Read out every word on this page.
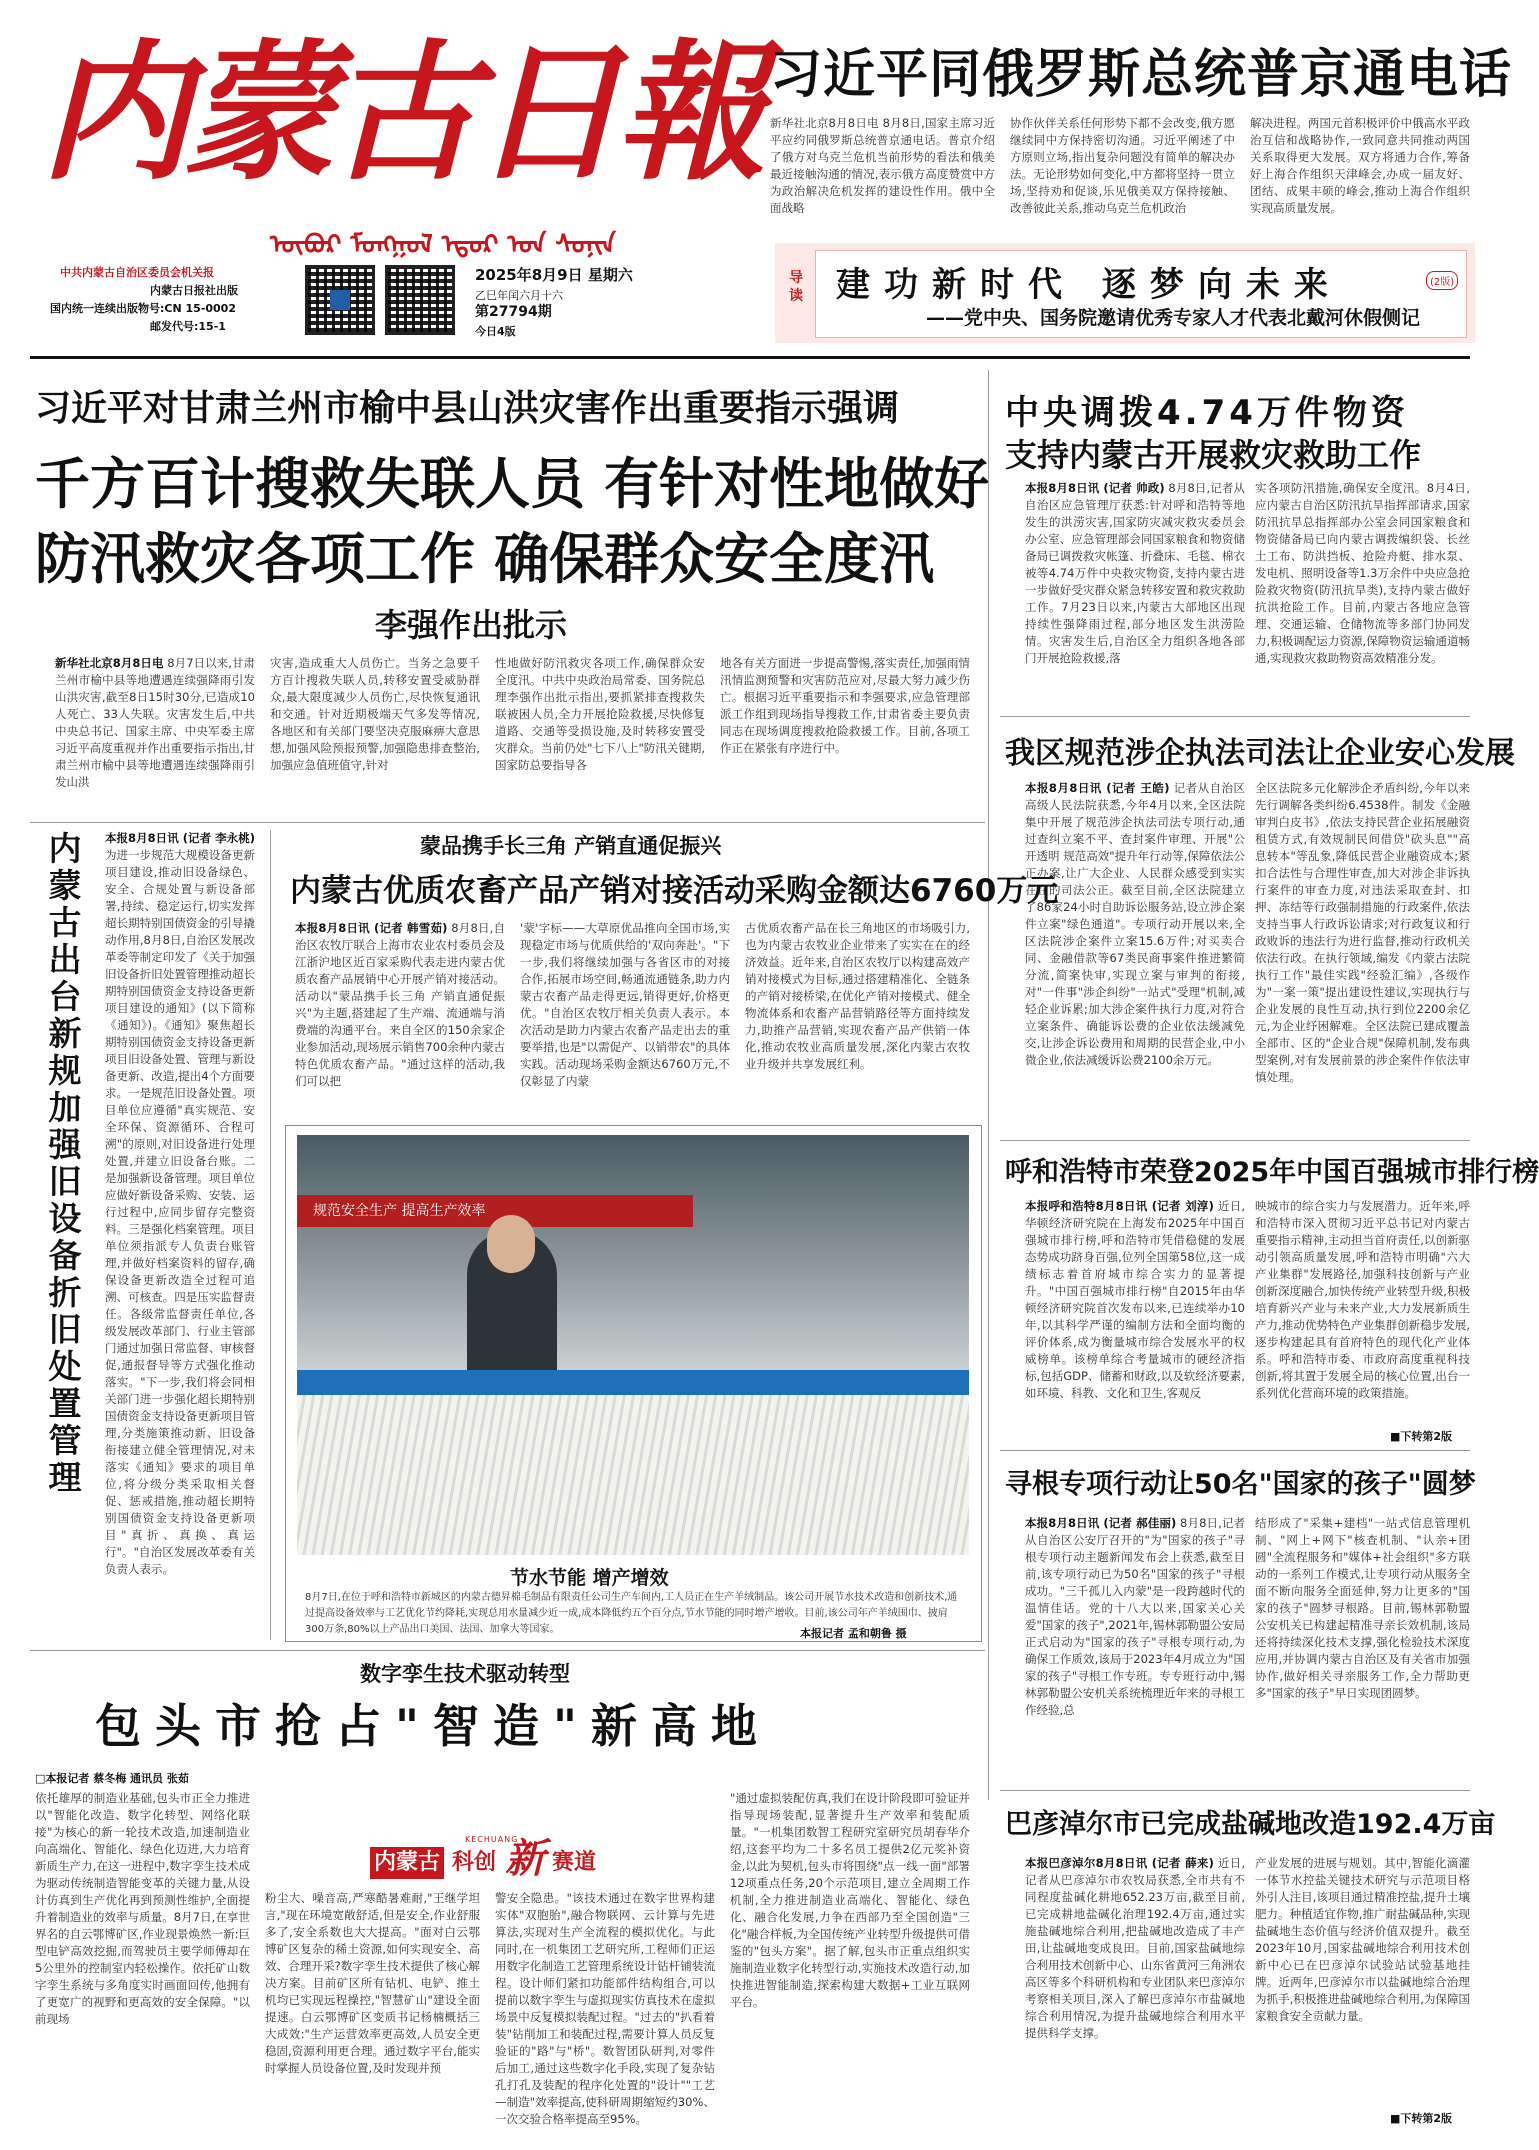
内蒙古日報
ᠥᠪᠦᠷ ᠮᠣᠩᠭᠣᠯ ᠡᠳᠦᠷ ᠤᠨ ᠰᠣᠨᠢᠨ
中共内蒙古自治区委员会机关报
内蒙古日报社出版
国内统一连续出版物号:CN 15-0002
邮发代号:15-1
2025年8月9日 星期六
乙巳年闰六月十六
第27794期
今日4版
习近平同俄罗斯总统普京通电话
新华社北京8月8日电 8月8日,国家主席习近平应约同俄罗斯总统普京通电话。普京介绍了俄方对乌克兰危机当前形势的看法和俄美最近接触沟通的情况,表示俄方高度赞赏中方为政治解决危机发挥的建设性作用。俄中全面战略
协作伙伴关系任何形势下都不会改变,俄方愿继续同中方保持密切沟通。习近平阐述了中方原则立场,指出复杂问题没有简单的解决办法。无论形势如何变化,中方都将坚持一贯立场,坚持劝和促谈,乐见俄美双方保持接触、改善彼此关系,推动乌克兰危机政治
解决进程。两国元首积极评价中俄高水平政治互信和战略协作,一致同意共同推动两国关系取得更大发展。双方将通力合作,筹备好上海合作组织天津峰会,办成一届友好、团结、成果丰硕的峰会,推动上海合作组织实现高质量发展。
导读 建功新时代 逐梦向未来	(2版)
——党中央、国务院邀请优秀专家人才代表北戴河休假侧记
习近平对甘肃兰州市榆中县山洪灾害作出重要指示强调
千方百计搜救失联人员 有针对性地做好
防汛救灾各项工作 确保群众安全度汛
李强作出批示
新华社北京8月8日电 8月7日以来,甘肃兰州市榆中县等地遭遇连续强降雨引发山洪灾害,截至8日15时30分,已造成10人死亡、33人失联。灾害发生后,中共中央总书记、国家主席、中央军委主席习近平高度重视并作出重要指示指出,甘肃兰州市榆中县等地遭遇连续强降雨引发山洪
灾害,造成重大人员伤亡。当务之急要千方百计搜救失联人员,转移安置受威胁群众,最大限度减少人员伤亡,尽快恢复通讯和交通。针对近期极端天气多发等情况,各地区和有关部门要坚决克服麻痹大意思想,加强风险预报预警,加强隐患排查整治,加强应急值班值守,针对
性地做好防汛救灾各项工作,确保群众安全度汛。中共中央政治局常委、国务院总理李强作出批示指出,要抓紧排查搜救失联被困人员,全力开展抢险救援,尽快修复道路、交通等受损设施,及时转移安置受灾群众。当前仍处"七下八上"防汛关键期,国家防总要指导各
地各有关方面进一步提高警惕,落实责任,加强雨情汛情监测预警和灾害防范应对,尽最大努力减少伤亡。根据习近平重要指示和李强要求,应急管理部派工作组到现场指导搜救工作,甘肃省委主要负责同志在现场调度搜救抢险救援工作。目前,各项工作正在紧张有序进行中。
中央调拨4.74万件物资
支持内蒙古开展救灾救助工作
本报8月8日讯 (记者 帅政) 8月8日,记者从自治区应急管理厅获悉:针对呼和浩特等地发生的洪涝灾害,国家防灾减灾救灾委员会办公室、应急管理部会同国家粮食和物资储备局已调拨救灾帐篷、折叠床、毛毯、棉衣被等4.74万件中央救灾物资,支持内蒙古进一步做好受灾群众紧急转移安置和救灾救助工作。7月23日以来,内蒙古大部地区出现持续性强降雨过程,部分地区发生洪涝险情。灾害发生后,自治区全力组织各地各部门开展抢险救援,落
实各项防汛措施,确保安全度汛。8月4日,应内蒙古自治区防汛抗旱指挥部请求,国家防汛抗旱总指挥部办公室会同国家粮食和物资储备局已向内蒙古调拨编织袋、长丝土工布、防洪挡板、抢险舟艇、排水泵、发电机、照明设备等1.3万余件中央应急抢险救灾物资(防汛抗旱类),支持内蒙古做好抗洪抢险工作。目前,内蒙古各地应急管理、交通运输、仓储物流等多部门协同发力,积极调配运力资源,保障物资运输通道畅通,实现救灾救助物资高效精准分发。
我区规范涉企执法司法让企业安心发展
本报8月8日讯 (记者 王皓) 记者从自治区高级人民法院获悉,今年4月以来,全区法院集中开展了规范涉企执法司法专项行动,通过查纠立案不平、查封案件审理、开展"公开透明 规范高效"提升年行动等,保障依法公正办案,让广大企业、人民群众感受到实实在在的司法公正。截至目前,全区法院建立了86家24小时自助诉讼服务站,设立涉企案件立案"绿色通道"。专项行动开展以来,全区法院涉企案件立案15.6万件;对买卖合同、金融借款等67类民商事案件推进繁简分流,简案快审,实现立案与审判的衔接,对"一件事"涉企纠纷"一站式"受理"机制,减轻企业诉累;加大涉企案件执行力度,对符合立案条件、确能诉讼费的企业依法缓减免交,让涉企诉讼费用和周期的民营企业,中小微企业,依法减缓诉讼费2100余万元。
全区法院多元化解涉企矛盾纠纷,今年以来先行调解各类纠纷6.4538件。制发《金融审判白皮书》,依法支持民营企业拓展融资租赁方式,有效规制民间借贷"砍头息""高息转本"等乱象,降低民营企业融资成本;紧扣合法性与合理性审查,加大对涉企非诉执行案件的审查力度,对违法采取查封、扣押、冻结等行政强制措施的行政案件,依法支持当事人行政诉讼请求;对行政复议和行政败诉的违法行为进行监督,推动行政机关依法行政。在执行领域,编发《内蒙古法院执行工作"最佳实践"经验汇编》,各级作为"一案一策"提出建设性建议,实现执行与企业发展的良性互动,执行到位2200余亿元,为企业纾困解难。全区法院已建成覆盖全部市、区的"企业合规"保障机制,发布典型案例,对有发展前景的涉企案件作依法审慎处理。
呼和浩特市荣登2025年中国百强城市排行榜
本报呼和浩特8月8日讯 (记者 刘淳) 近日,华顿经济研究院在上海发布2025年中国百强城市排行榜,呼和浩特市凭借稳健的发展态势成功跻身百强,位列全国第58位,这一成绩标志着首府城市综合实力的显著提升。"中国百强城市排行榜"自2015年由华顿经济研究院首次发布以来,已连续举办10年,以其科学严谨的编制方法和全面均衡的评价体系,成为衡量城市综合发展水平的权威榜单。该榜单综合考量城市的硬经济指标,包括GDP、储蓄和财政,以及软经济要素,如环境、科教、文化和卫生,客观反
映城市的综合实力与发展潜力。近年来,呼和浩特市深入贯彻习近平总书记对内蒙古重要指示精神,主动担当首府责任,以创新驱动引领高质量发展,呼和浩特市明确"六大产业集群"发展路径,加强科技创新与产业创新深度融合,加快传统产业转型升级,积极培育新兴产业与未来产业,大力发展新质生产力,推动优势特色产业集群创新稳步发展,逐步构建起具有首府特色的现代化产业体系。呼和浩特市委、市政府高度重视科技创新,将其置于发展全局的核心位置,出台一系列优化营商环境的政策措施。
■下转第2版
寻根专项行动让50名"国家的孩子"圆梦
本报8月8日讯 (记者 郝佳丽) 8月8日,记者从自治区公安厅召开的"为"国家的孩子"寻根专项行动主题新闻发布会上获悉,截至目前,该专项行动已为50名"国家的孩子"寻根成功。"三千孤儿入内蒙"是一段跨越时代的温情佳话。党的十八大以来,国家关心关爱"国家的孩子",2021年,锡林郭勒盟公安局正式启动为"国家的孩子"寻根专项行动,为确保工作质效,该局于2023年4月成立为"国家的孩子"寻根工作专班。专专班行动中,锡林郭勒盟公安机关系统梳理近年来的寻根工作经验,总
结形成了"采集+建档"一站式信息管理机制、"网上+网下"核查机制、"认亲+团圆"全流程服务和"媒体+社会组织"多方联动的一系列工作模式,让专项行动从服务全面不断向服务全面延伸,努力让更多的"国家的孩子"圆梦寻根路。目前,锡林郭勒盟公安机关已构建起精准寻亲长效机制,该局还将持续深化技术支撑,强化检验技术深度应用,并协调内蒙古自治区及有关省市加强协作,做好相关寻亲服务工作,全力帮助更多"国家的孩子"早日实现团圆梦。
巴彦淖尔市已完成盐碱地改造192.4万亩
本报巴彦淖尔8月8日讯 (记者 薛来) 近日,记者从巴彦淖尔市农牧局获悉,全市共有不同程度盐碱化耕地652.23万亩,截至目前,已完成耕地盐碱化治理192.4万亩,通过实施盐碱地综合利用,把盐碱地改造成了丰产田,让盐碱地变成良田。目前,国家盐碱地综合利用技术创新中心、山东省黄河三角洲农高区等多个科研机构和专业团队来巴彦淖尔考察相关项目,深入了解巴彦淖尔市盐碱地综合利用情况,为提升盐碱地综合利用水平提供科学支撑。
产业发展的进展与规划。其中,智能化滴灌一体节水控盐关键技术研究与示范项目格外引人注目,该项目通过精准控盐,提升土壤肥力。种植适宜作物,推广耐盐碱品种,实现盐碱地生态价值与经济价值双提升。截至2023年10月,国家盐碱地综合利用技术创新中心已在巴彦淖尔试验站试验基地挂牌。近两年,巴彦淖尔市以盐碱地综合治理为抓手,积极推进盐碱地综合利用,为保障国家粮食安全贡献力量。
■下转第2版
内蒙古出台新规加强旧设备折旧处置管理
本报8月8日讯 (记者 李永桃) 为进一步规范大规模设备更新项目建设,推动旧设备绿色、安全、合规处置与新设备部署,持续、稳定运行,切实发挥超长期特别国债资金的引导撬动作用,8月8日,自治区发展改革委等制定印发了《关于加强旧设备折旧处置管理推动超长期特别国债资金支持设备更新项目建设的通知》(以下简称《通知》)。《通知》聚焦超长期特别国债资金支持设备更新项目旧设备处置、管理与新设备更新、改造,提出4个方面要求。一是规范旧设备处置。项目单位应遵循"真实规范、安全环保、资源循环、合程可溯"的原则,对旧设备进行处理处置,并建立旧设备台账。二是加强新设备管理。项目单位应做好新设备采购、安装、运行过程中,应同步留存完整资料。三是强化档案管理。项目单位须指派专人负责台账管理,并做好档案资料的留存,确保设备更新改造全过程可追溯、可核查。四是压实监督责任。各级常监督责任单位,各级发展改革部门、行业主管部门通过加强日常监督、审核督促,通报督导等方式强化推动落实。"下一步,我们将会同相关部门进一步强化超长期特别国债资金支持设备更新项目管理,分类施策推动新、旧设备衔接建立健全管理情况,对未落实《通知》要求的项目单位,将分级分类采取相关督促、惩戒措施,推动超长期特别国债资金支持设备更新项目"真折、真换、真运行"。"自治区发展改革委有关负责人表示。
蒙品携手长三角 产销直通促振兴
内蒙古优质农畜产品产销对接活动采购金额达6760万元
本报8月8日讯 (记者 韩雪茹) 8月8日,自治区农牧厅联合上海市农业农村委员会及江浙沪地区近百家采购代表走进内蒙古优质农畜产品展销中心开展产销对接活动。活动以"蒙品携手长三角 产销直通促振兴"为主题,搭建起了生产端、流通端与消费端的沟通平台。来自全区的150余家企业参加活动,现场展示销售700余种内蒙古特色优质农畜产品。"通过这样的活动,我们可以把
'蒙'字标——大草原优品推向全国市场,实现稳定市场与优质供给的'双向奔赴'。"下一步,我们将继续加强与各省区市的对接合作,拓展市场空间,畅通流通链条,助力内蒙古农畜产品走得更远,销得更好,价格更优。"自治区农牧厅相关负责人表示。本次活动是助力内蒙古农畜产品走出去的重要举措,也是"以需促产、以销带农"的具体实践。活动现场采购金额达6760万元,不仅彰显了内蒙
古优质农畜产品在长三角地区的市场吸引力,也为内蒙古农牧业企业带来了实实在在的经济效益。近年来,自治区农牧厅以构建高效产销对接模式为目标,通过搭建精准化、全链条的产销对接桥梁,在优化产销对接模式、健全物流体系和农畜产品营销路径等方面持续发力,助推产品营销,实现农畜产品产供销一体化,推动农牧业高质量发展,深化内蒙古农牧业升级并共享发展红利。
规范安全生产 提高生产效率
节水节能 增产增效
8月7日,在位于呼和浩特市新城区的内蒙古德昇棉毛制品有限责任公司生产车间内,工人员正在生产羊绒制品。该公司开展节水技术改造和创新技术,通过提高设备效率与工艺优化节约降耗,实现总用水量减少近一成,成本降低约五个百分点,节水节能的同时增产增收。目前,该公司年产羊绒围巾、披肩300万条,80%以上产品出口美国、法国、加拿大等国家。	本报记者 孟和朝鲁 摄
数字孪生技术驱动转型
包头市抢占"智造"新高地
□本报记者 蔡冬梅 通讯员 张茹
KECHUANG
内蒙古 科创 新 赛道
依托雄厚的制造业基础,包头市正全力推进以"智能化改造、数字化转型、网络化联接"为核心的新一轮技术改造,加速制造业向高端化、智能化、绿色化迈进,大力培育新质生产力,在这一进程中,数字孪生技术成为驱动传统制造智能变革的关键力量,从设计仿真到生产优化再到预测性维护,全面提升着制造业的效率与质量。8月7日,在享世界名的自云鄂博矿区,作业现景焕然一新:巨型电铲高效挖掘,而驾驶员主要学师傅却在5公里外的控制室内轻松操作。依托矿山数字孪生系统与多角度实时画面回传,他拥有了更宽广的视野和更高效的安全保障。"以前现场
粉尘大、噪音高,严寒酷暑难耐,"王继学坦言,"现在环境宽敞舒适,但是安全,作业舒服多了,安全系数也大大提高。"面对白云鄂博矿区复杂的稀土资源,如何实现安全、高效、合理开采?数字孪生技术提供了核心解决方案。目前矿区所有钻机、电铲、推土机均已实现远程操控,"智慧矿山"建设全面提速。白云鄂博矿区变质书记杨楠概括三大成效:"生产运营效率更高效,人员安全更稳固,资源利用更合理。通过数字平台,能实时掌握人员设备位置,及时发现并预
警安全隐患。"该技术通过在数字世界构建实体"双胞胎",融合物联网、云计算与先进算法,实现对生产全流程的模拟优化。与此同时,在一机集团工艺研究所,工程师们正运用数字化制造工艺管理系统设计钻杆铺装流程。设计师们紧扣功能部件结构组合,可以提前以数字孪生与虚拟现实仿真技术在虚拟场景中反复模拟装配过程。"过去的"扒看着装"钻削加工和装配过程,需要计算人员反复验证的"路"与"桥"。数智团队研判,对零件后加工,通过这些数字化手段,实现了复杂钻孔打孔及装配的程序化处置的"设计""工艺—制造"效率提高,使科研周期缩短约30%、一次交验合格率提高至95%。
"通过虚拟装配仿真,我们在设计阶段即可验证并指导现场装配,显著提升生产效率和装配质量。"一机集团数智工程研究室研究员胡春华介绍,这套平均为二十多名员工提供2亿元奖补资金,以此为契机,包头市将围绕"点一线一面"部署12项重点任务,20个示范项目,建立全周期工作机制,全力推进制造业高端化、智能化、绿色化、融合化发展,力争在西部乃至全国创造"三化"融合样板,为全国传统产业转型升级提供可借鉴的"包头方案"。据了解,包头市正重点组织实施制造业数字化转型行动,实施技术改造行动,加快推进智能制造,探索构建大数据+工业互联网平台。
